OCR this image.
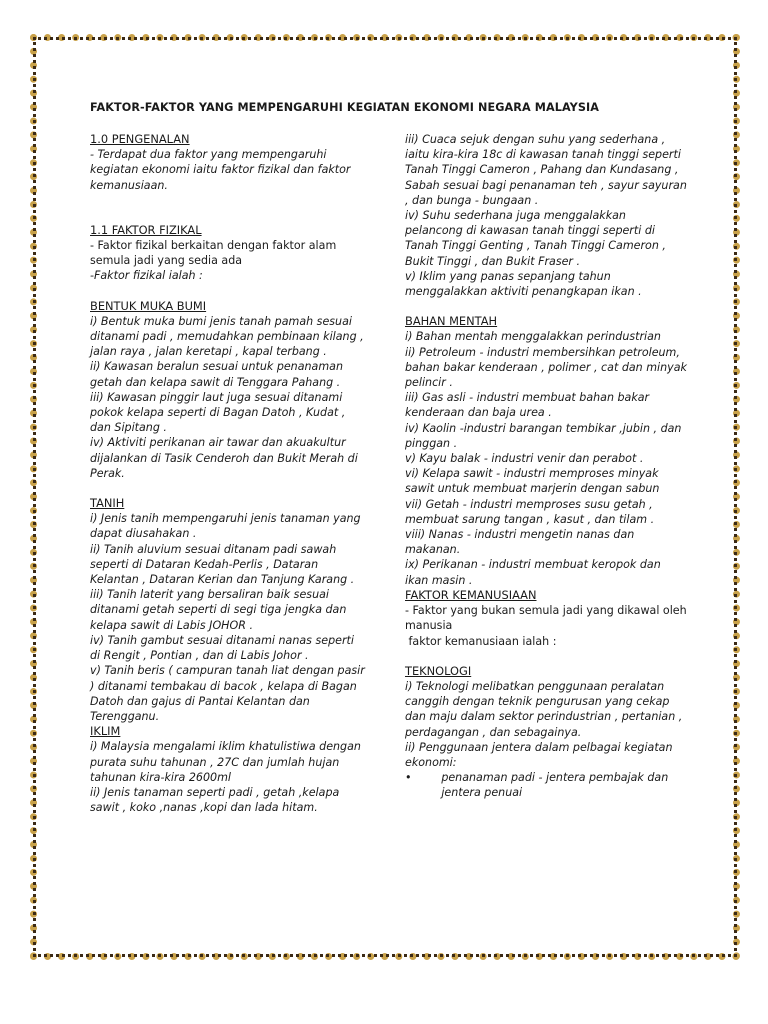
FAKTOR-FAKTOR YANG MEMPENGARUHI KEGIATAN EKONOMI NEGARA MALAYSIA

1.0 PENGENALAN

- Terdapat dua faktor yang mempengaruhi kegiatan ekonomi iaitu faktor fizikal dan faktor kemanusiaan.

1.1 FAKTOR FIZIKAL

- Faktor fizikal berkaitan dengan faktor alam semula jadi yang sedia ada

-Faktor fizikal ialah :

BENTUK MUKA BUMI

i) Bentuk muka bumi jenis tanah pamah sesuai ditanami padi , memudahkan pembinaan kilang , jalan raya , jalan keretapi , kapal terbang .

ii) Kawasan beralun sesuai untuk penanaman getah dan kelapa sawit di Tenggara Pahang .

iii) Kawasan pinggir laut juga sesuai ditanami pokok kelapa seperti di Bagan Datoh , Kudat , dan Sipitang .

iv) Aktiviti perikanan air tawar dan akuakultur dijalankan di Tasik Cenderoh dan Bukit Merah di Perak.

TANIH

i) Jenis tanih mempengaruhi jenis tanaman yang dapat diusahakan .

ii) Tanih aluvium sesuai ditanam padi sawah seperti di Dataran Kedah-Perlis , Dataran Kelantan , Dataran Kerian dan Tanjung Karang .

iii) Tanih laterit yang bersaliran baik sesuai ditanami getah seperti di segi tiga jengka dan kelapa sawit di Labis JOHOR .

iv) Tanih gambut sesuai ditanami nanas seperti di Rengit , Pontian , dan di Labis Johor .

v) Tanih beris ( campuran tanah liat dengan pasir ) ditanami tembakau di bacok , kelapa di Bagan Datoh dan gajus di Pantai Kelantan dan Terengganu.

IKLIM

i) Malaysia mengalami iklim khatulistiwa dengan purata suhu tahunan , 27C dan jumlah hujan tahunan kira-kira 2600ml

ii) Jenis tanaman seperti padi , getah ,kelapa sawit , koko ,nanas ,kopi dan lada hitam.

iii) Cuaca sejuk dengan suhu yang sederhana , iaitu kira-kira 18c di kawasan tanah tinggi seperti Tanah Tinggi Cameron , Pahang dan Kundasang , Sabah sesuai bagi penanaman teh , sayur sayuran , dan bunga - bungaan .

iv) Suhu sederhana juga menggalakkan pelancong di kawasan tanah tinggi seperti di Tanah Tinggi Genting , Tanah Tinggi Cameron , Bukit Tinggi , dan Bukit Fraser .

v) Iklim yang panas sepanjang tahun menggalakkan aktiviti penangkapan ikan .

BAHAN MENTAH

i) Bahan mentah menggalakkan perindustrian

ii) Petroleum - industri membersihkan petroleum, bahan bakar kenderaan , polimer , cat dan minyak pelincir .

iii) Gas asli - industri membuat bahan bakar kenderaan dan baja urea .

iv) Kaolin -industri barangan tembikar ,jubin , dan pinggan .

v) Kayu balak - industri venir dan perabot .

vi) Kelapa sawit - industri memproses minyak sawit untuk membuat marjerin dengan sabun

vii) Getah - industri memproses susu getah , membuat sarung tangan , kasut , dan tilam .

viii) Nanas - industri mengetin nanas dan makanan.

ix) Perikanan - industri membuat keropok dan ikan masin .

FAKTOR KEMANUSIAAN

- Faktor yang bukan semula jadi yang dikawal oleh manusia

faktor kemanusiaan ialah :

TEKNOLOGI

i) Teknologi melibatkan penggunaan peralatan canggih dengan teknik pengurusan yang cekap dan maju dalam sektor perindustrian , pertanian , perdagangan , dan sebagainya.

ii) Penggunaan jentera dalam pelbagai kegiatan ekonomi:

•	penanaman padi - jentera pembajak dan jentera penuai
